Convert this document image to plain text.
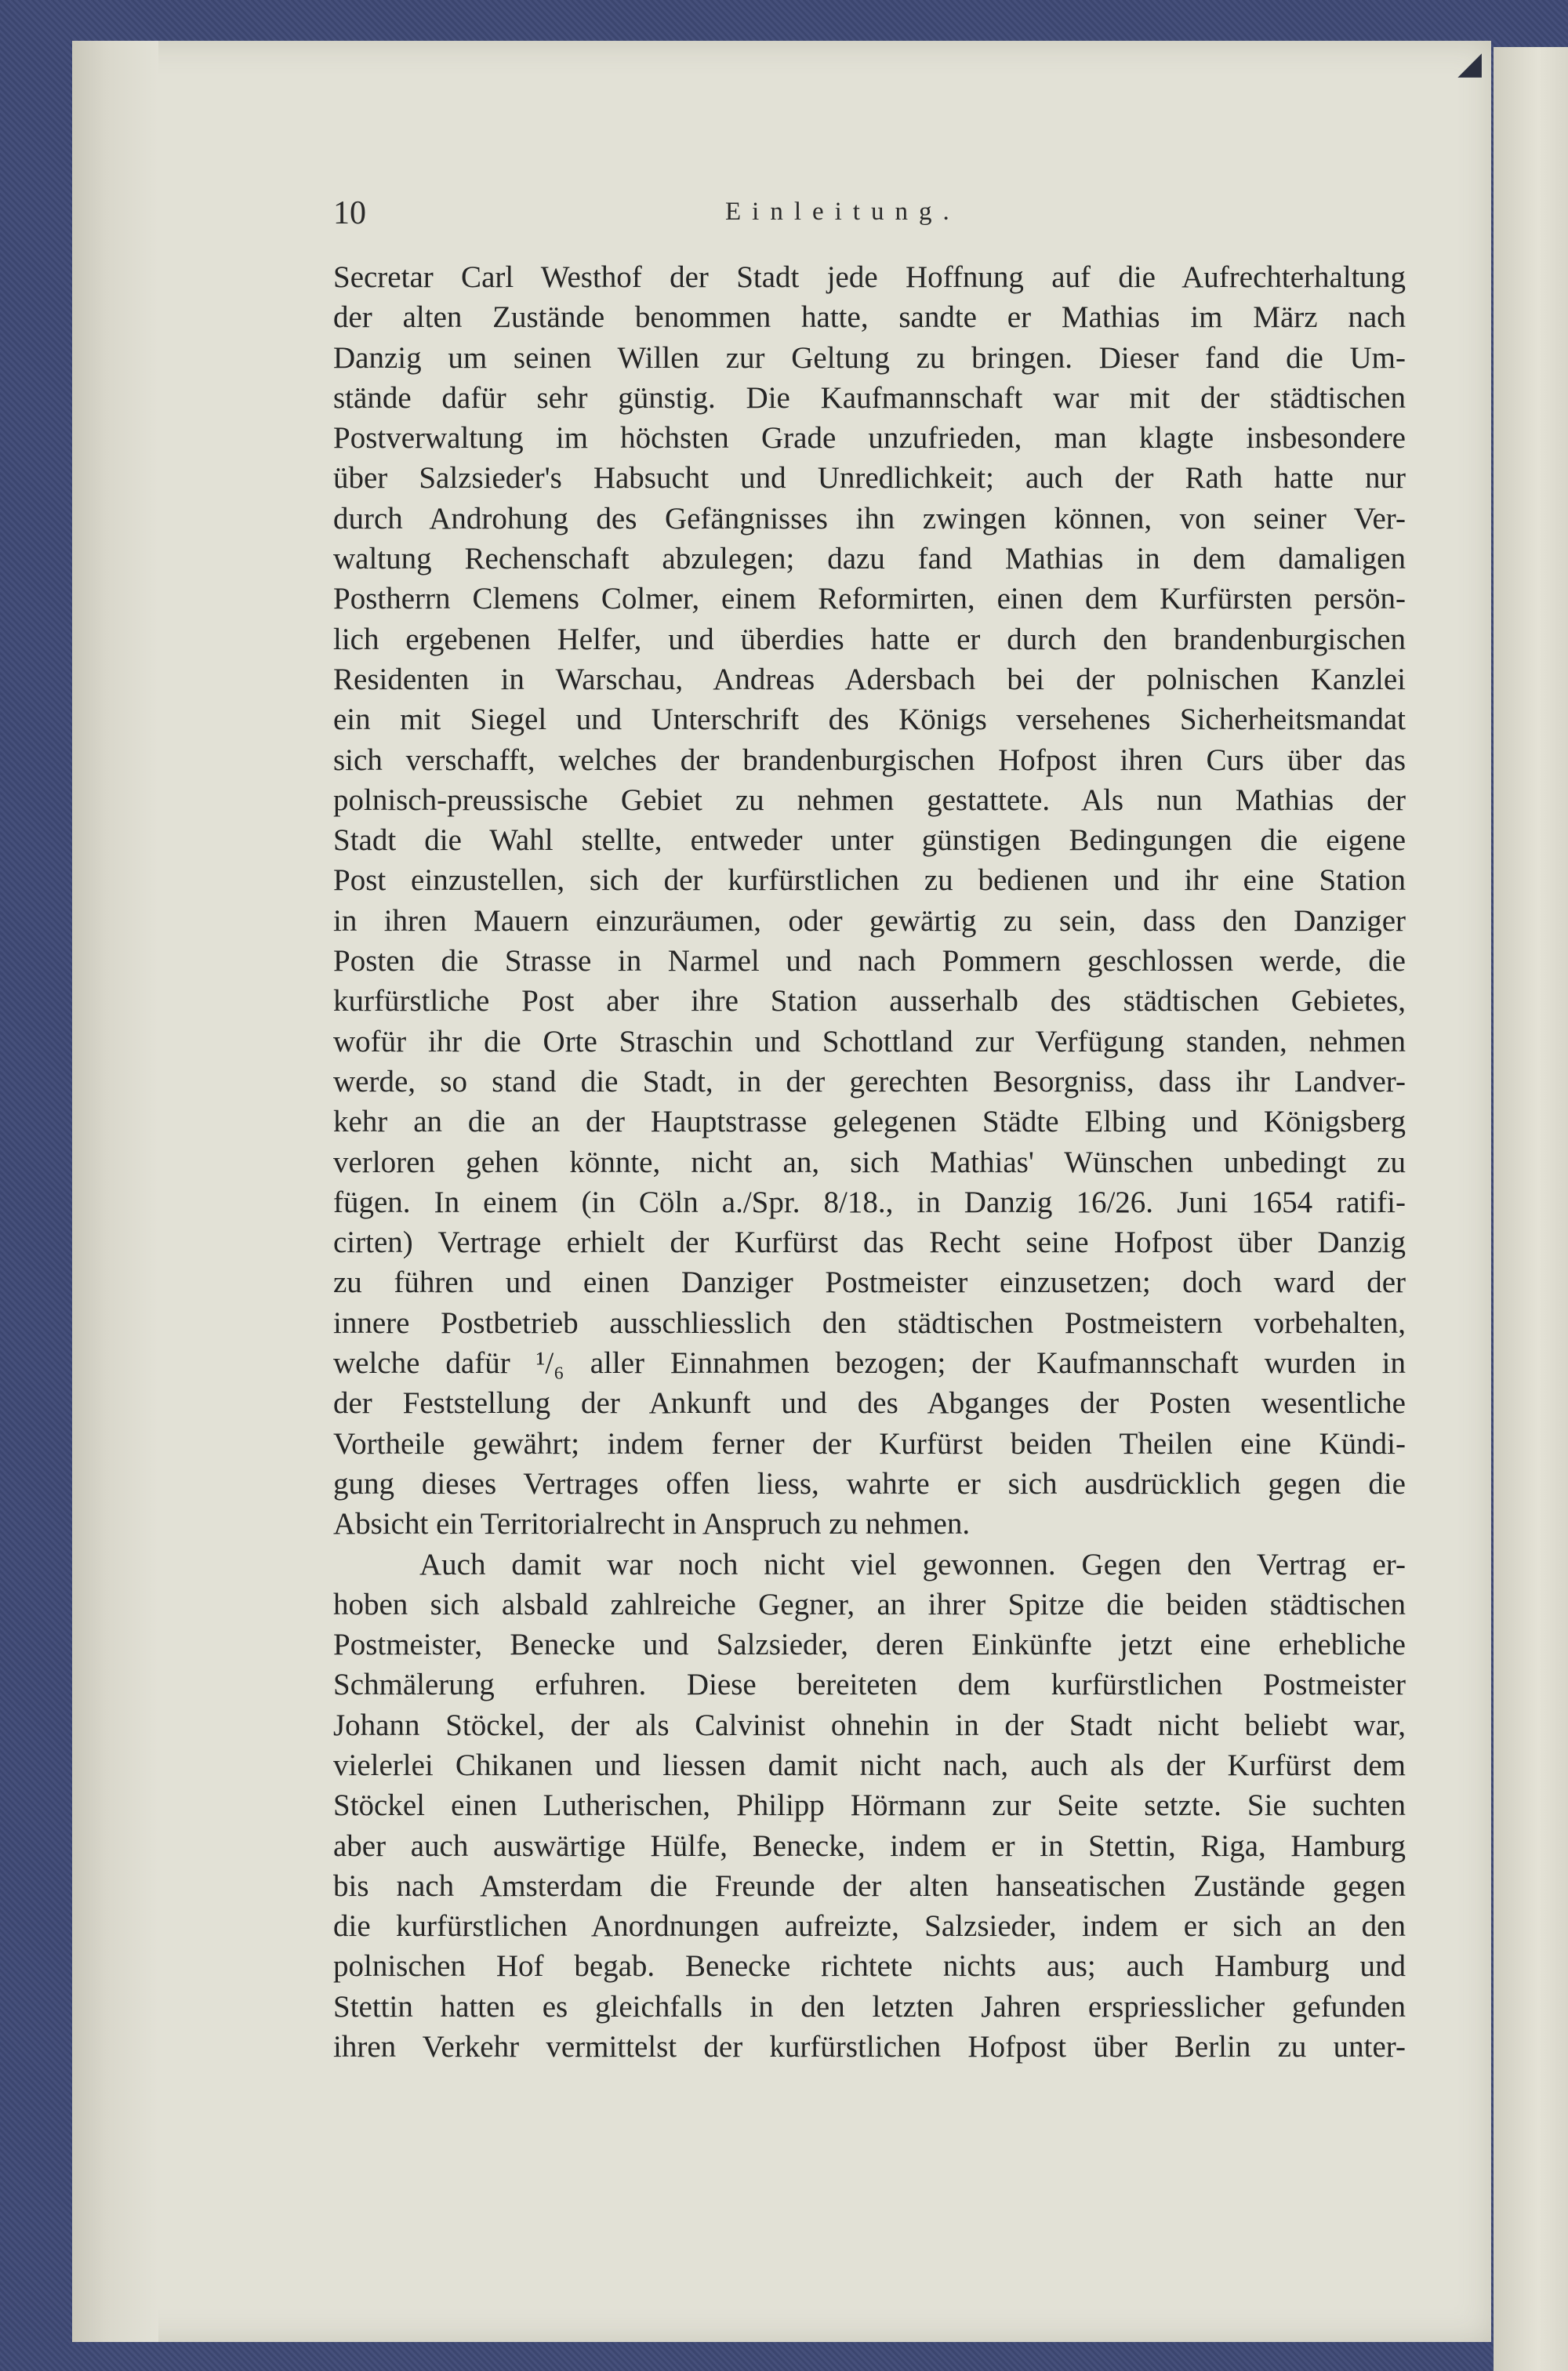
◢
10	Einleitung.
Secretar Carl Westhof der Stadt jede Hoffnung auf die Aufrechterhaltung
der alten Zustände benommen hatte, sandte er Mathias im März nach
Danzig um seinen Willen zur Geltung zu bringen. Dieser fand die Um-
stände dafür sehr günstig. Die Kaufmannschaft war mit der städtischen
Postverwaltung im höchsten Grade unzufrieden, man klagte insbesondere
über Salzsieder's Habsucht und Unredlichkeit; auch der Rath hatte nur
durch Androhung des Gefängnisses ihn zwingen können, von seiner Ver-
waltung Rechenschaft abzulegen; dazu fand Mathias in dem damaligen
Postherrn Clemens Colmer, einem Reformirten, einen dem Kurfürsten persön-
lich ergebenen Helfer, und überdies hatte er durch den brandenburgischen
Residenten in Warschau, Andreas Adersbach bei der polnischen Kanzlei
ein mit Siegel und Unterschrift des Königs versehenes Sicherheitsmandat
sich verschafft, welches der brandenburgischen Hofpost ihren Curs über das
polnisch-preussische Gebiet zu nehmen gestattete. Als nun Mathias der
Stadt die Wahl stellte, entweder unter günstigen Bedingungen die eigene
Post einzustellen, sich der kurfürstlichen zu bedienen und ihr eine Station
in ihren Mauern einzuräumen, oder gewärtig zu sein, dass den Danziger
Posten die Strasse in Narmel und nach Pommern geschlossen werde, die
kurfürstliche Post aber ihre Station ausserhalb des städtischen Gebietes,
wofür ihr die Orte Straschin und Schottland zur Verfügung standen, nehmen
werde, so stand die Stadt, in der gerechten Besorgniss, dass ihr Landver-
kehr an die an der Hauptstrasse gelegenen Städte Elbing und Königsberg
verloren gehen könnte, nicht an, sich Mathias' Wünschen unbedingt zu
fügen. In einem (in Cöln a./Spr. 8/18., in Danzig 16/26. Juni 1654 ratifi-
cirten) Vertrage erhielt der Kurfürst das Recht seine Hofpost über Danzig
zu führen und einen Danziger Postmeister einzusetzen; doch ward der
innere Postbetrieb ausschliesslich den städtischen Postmeistern vorbehalten,
welche dafür ¹/₆ aller Einnahmen bezogen; der Kaufmannschaft wurden in
der Feststellung der Ankunft und des Abganges der Posten wesentliche
Vortheile gewährt; indem ferner der Kurfürst beiden Theilen eine Kündi-
gung dieses Vertrages offen liess, wahrte er sich ausdrücklich gegen die
Absicht ein Territorialrecht in Anspruch zu nehmen.
Auch damit war noch nicht viel gewonnen. Gegen den Vertrag er-
hoben sich alsbald zahlreiche Gegner, an ihrer Spitze die beiden städtischen
Postmeister, Benecke und Salzsieder, deren Einkünfte jetzt eine erhebliche
Schmälerung erfuhren. Diese bereiteten dem kurfürstlichen Postmeister
Johann Stöckel, der als Calvinist ohnehin in der Stadt nicht beliebt war,
vielerlei Chikanen und liessen damit nicht nach, auch als der Kurfürst dem
Stöckel einen Lutherischen, Philipp Hörmann zur Seite setzte. Sie suchten
aber auch auswärtige Hülfe, Benecke, indem er in Stettin, Riga, Hamburg
bis nach Amsterdam die Freunde der alten hanseatischen Zustände gegen
die kurfürstlichen Anordnungen aufreizte, Salzsieder, indem er sich an den
polnischen Hof begab. Benecke richtete nichts aus; auch Hamburg und
Stettin hatten es gleichfalls in den letzten Jahren erspriesslicher gefunden
ihren Verkehr vermittelst der kurfürstlichen Hofpost über Berlin zu unter-
